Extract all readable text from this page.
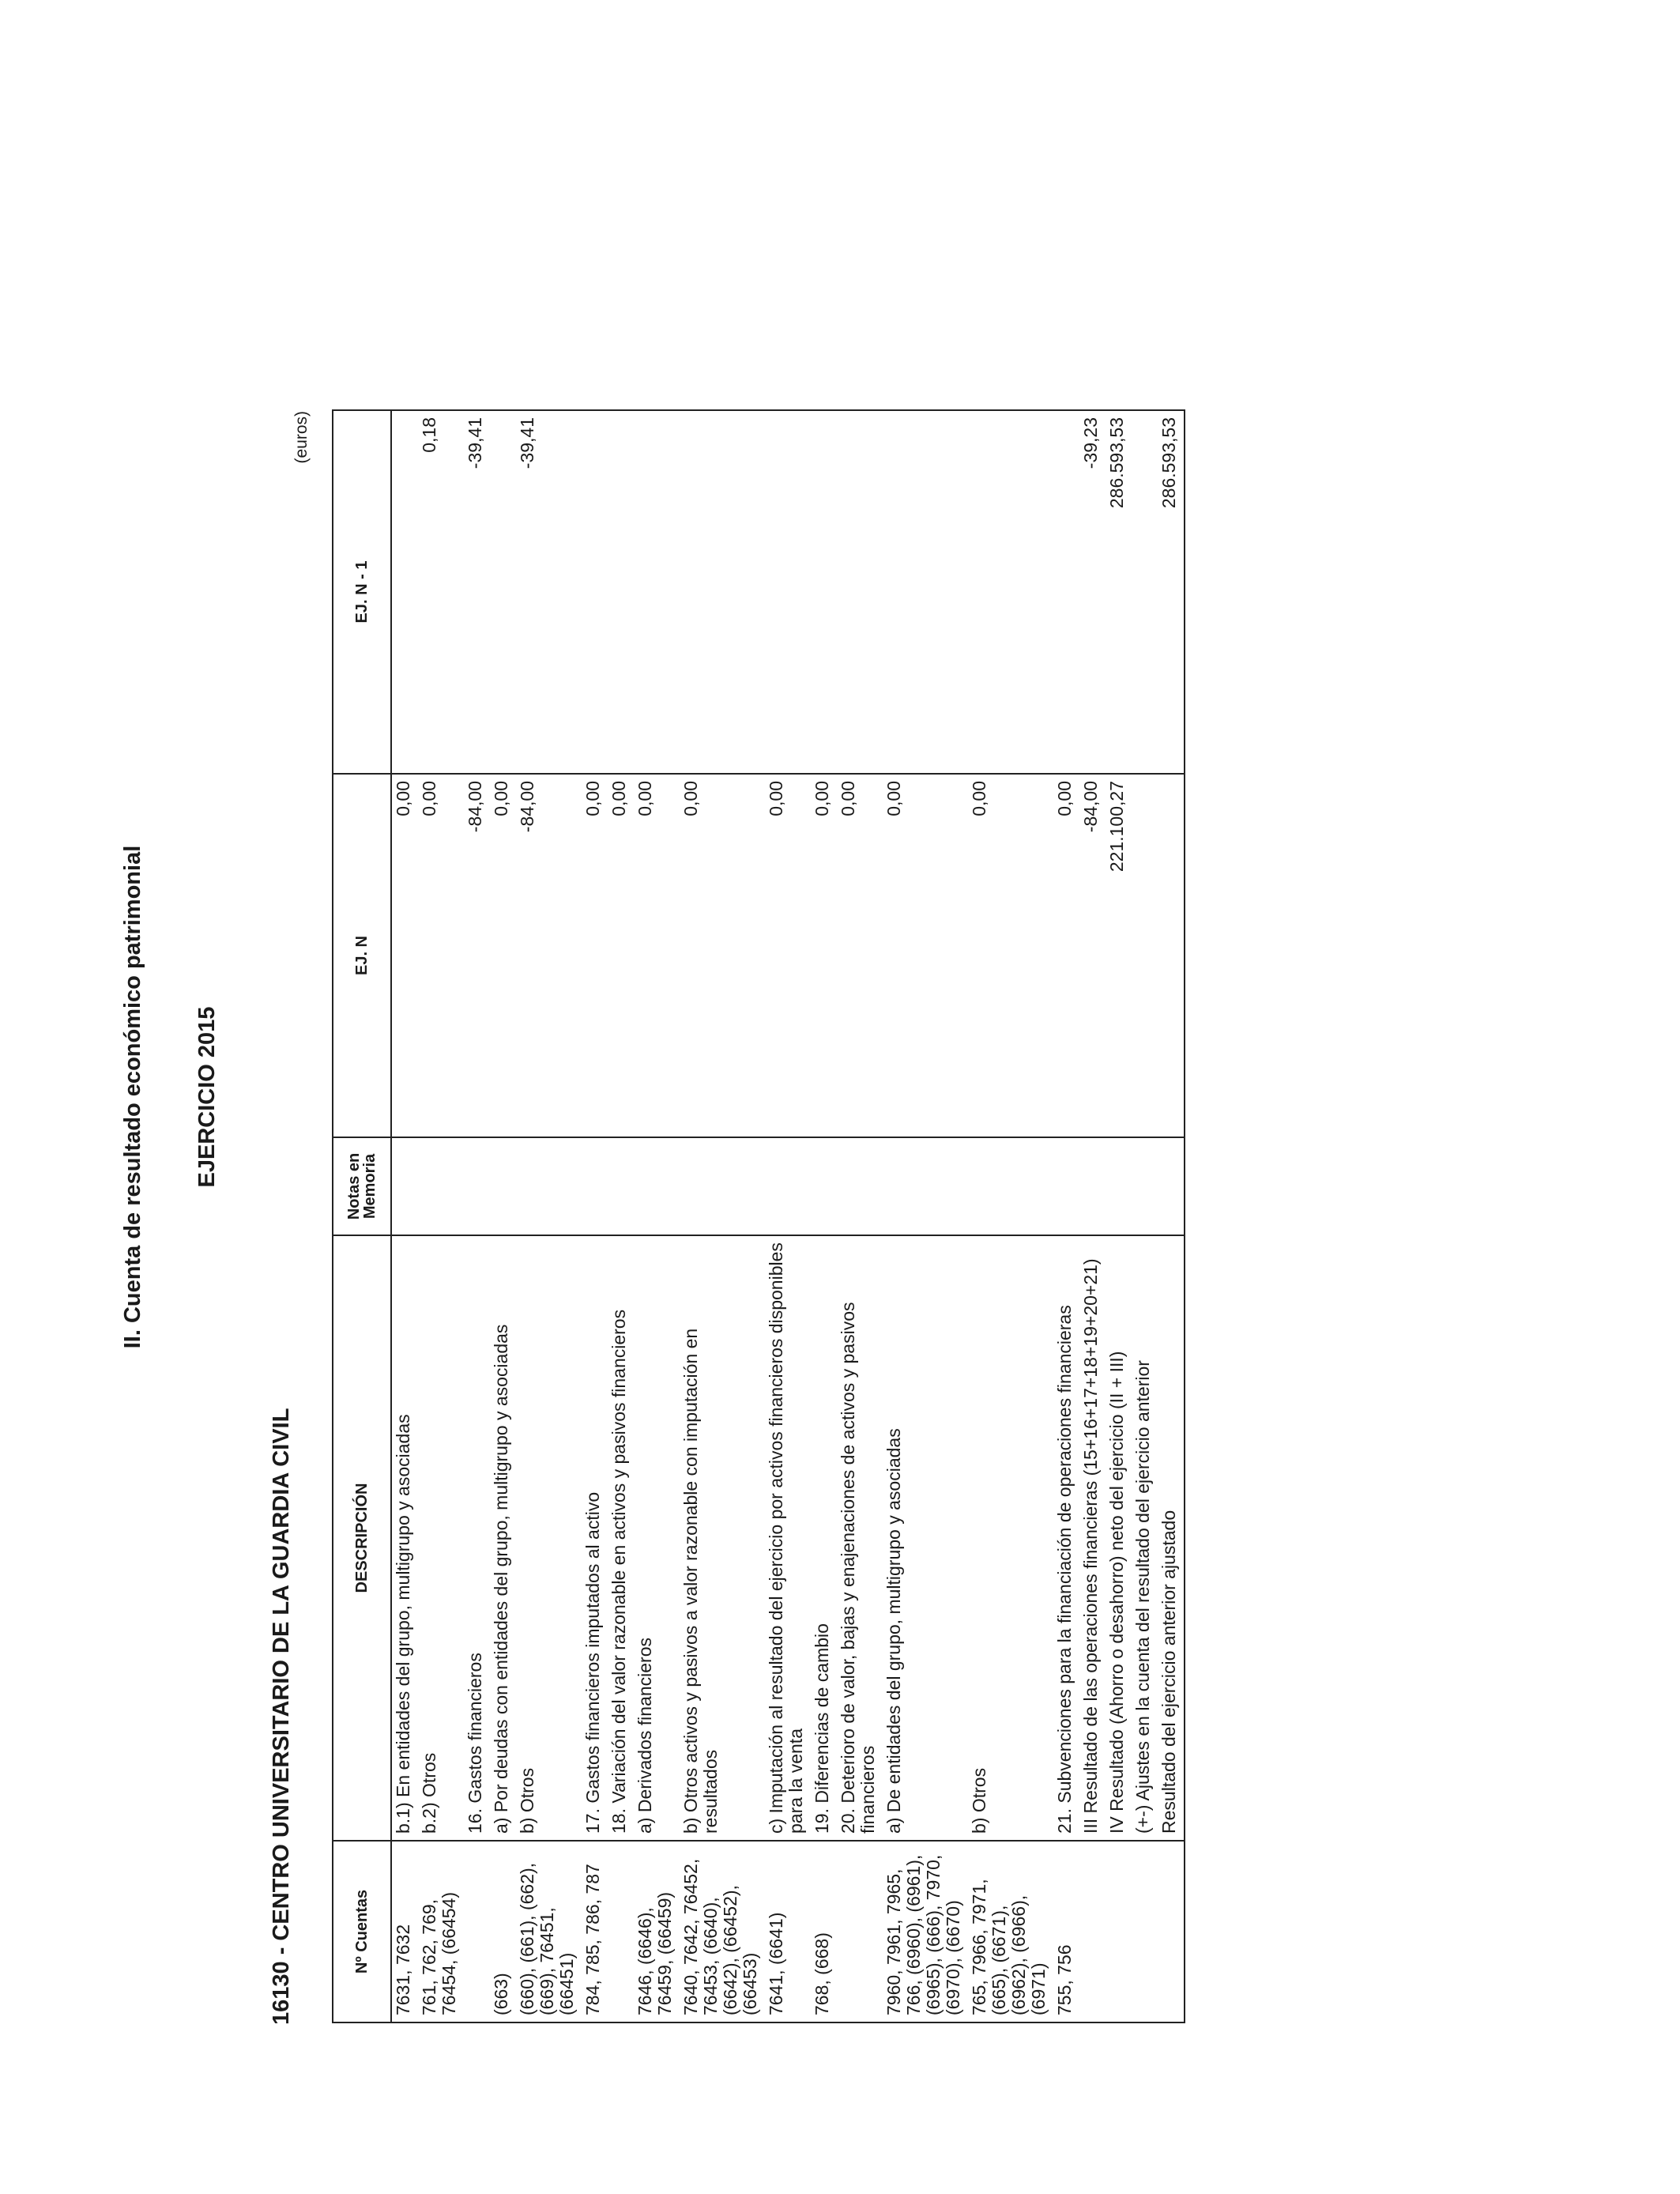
II. Cuenta de resultado económico patrimonial EJERCICIO 2015
16130 - CENTRO UNIVERSITARIO DE LA GUARDIA CIVIL
(euros)
Nº Cuentas	DESCRIPCIÓN	Notas en Memoria	EJ. N	EJ. N - 1
7631, 7632	b.1) En entidades del grupo, multigrupo y asociadas		0,00	
761, 762, 769, 76454, (66454)	b.2) Otros		0,00	0,18
	16. Gastos financieros		-84,00	-39,41
(663)	a) Por deudas con entidades del grupo, multigrupo y asociadas		0,00	
(660), (661), (662), (669), 76451, (66451)	b) Otros		-84,00	-39,41
784, 785, 786, 787	17. Gastos financieros imputados al activo		0,00	
	18. Variación del valor razonable en activos y pasivos financieros		0,00	
7646, (6646), 76459, (66459)	a) Derivados financieros		0,00	
7640, 7642, 76452, 76453, (6640), (6642), (66452), (66453)	b) Otros activos y pasivos a valor razonable con imputación en resultados		0,00	
7641, (6641)	c) Imputación al resultado del ejercicio por activos financieros disponibles para la venta		0,00	
768, (668)	19. Diferencias de cambio		0,00	
	20. Deterioro de valor, bajas y enajenaciones de activos y pasivos financieros		0,00	
7960, 7961, 7965, 766, (6960), (6961), (6965), (666), 7970, (6970), (6670)	a) De entidades del grupo, multigrupo y asociadas		0,00	
765, 7966, 7971, (665), (6671), (6962), (6966), (6971)	b) Otros		0,00	
755, 756	21. Subvenciones para la financiación de operaciones financieras		0,00	
	III Resultado de las operaciones financieras (15+16+17+18+19+20+21)		-84,00	-39,23
	IV Resultado (Ahorro o desahorro) neto del ejercicio (II + III)		221.100,27	286.593,53
	(+-) Ajustes en la cuenta del resultado del ejercicio anterior			
	Resultado del ejercicio anterior ajustado			286.593,53
